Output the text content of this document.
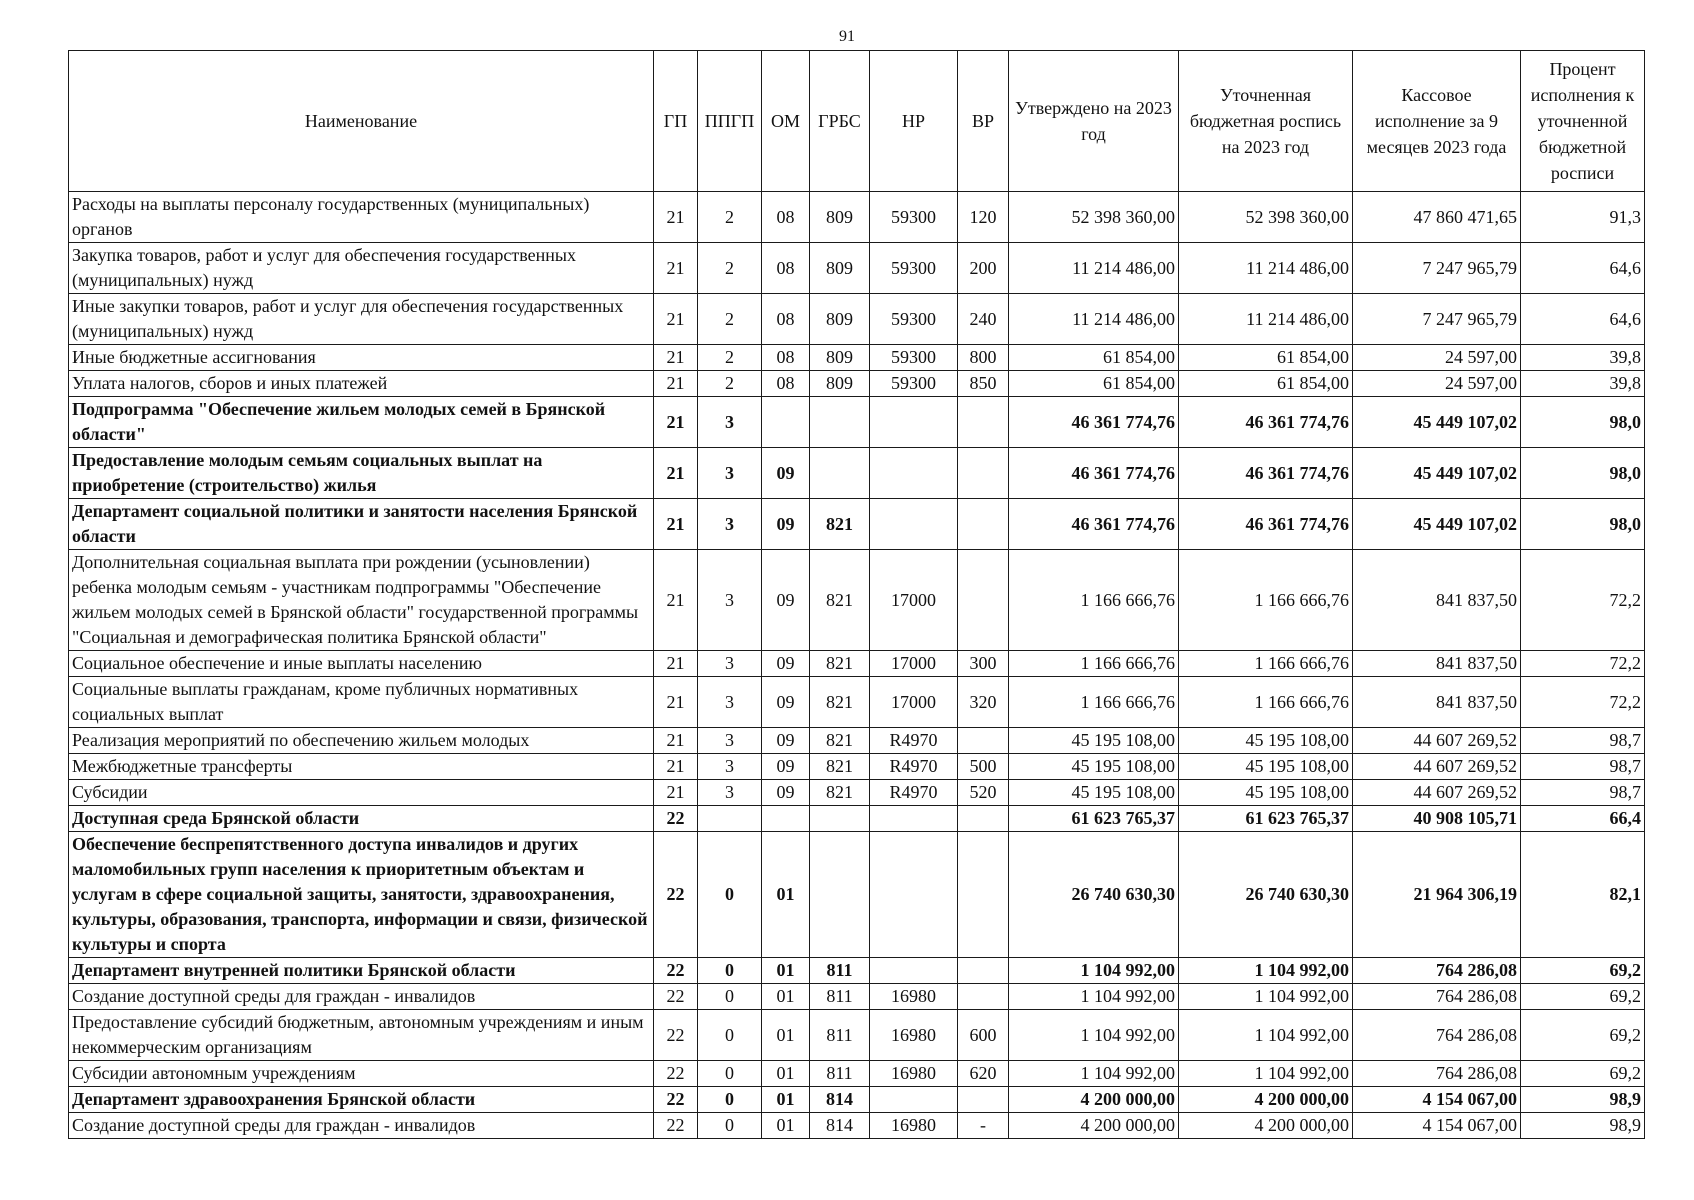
91
Наименование	ГП	ППГП	ОМ	ГРБС	НР	ВР	Утверждено на 2023 год	Уточненная бюджетная роспись на 2023 год	Кассовое исполнение за 9 месяцев 2023 года	Процент исполнения к уточненной бюджетной росписи
Расходы на выплаты персоналу государственных (муниципальных) органов	21	2	08	809	59300	120	52 398 360,00	52 398 360,00	47 860 471,65	91,3
Закупка товаров, работ и услуг для обеспечения государственных (муниципальных) нужд	21	2	08	809	59300	200	11 214 486,00	11 214 486,00	7 247 965,79	64,6
Иные закупки товаров, работ и услуг для обеспечения государственных (муниципальных) нужд	21	2	08	809	59300	240	11 214 486,00	11 214 486,00	7 247 965,79	64,6
Иные бюджетные ассигнования	21	2	08	809	59300	800	61 854,00	61 854,00	24 597,00	39,8
Уплата налогов, сборов и иных платежей	21	2	08	809	59300	850	61 854,00	61 854,00	24 597,00	39,8
Подпрограмма "Обеспечение жильем молодых семей в Брянской области"	21	3					46 361 774,76	46 361 774,76	45 449 107,02	98,0
Предоставление молодым семьям социальных выплат на приобретение (строительство) жилья	21	3	09				46 361 774,76	46 361 774,76	45 449 107,02	98,0
Департамент социальной политики и занятости населения Брянской области	21	3	09	821			46 361 774,76	46 361 774,76	45 449 107,02	98,0
Дополнительная социальная выплата при рождении (усыновлении) ребенка молодым семьям - участникам подпрограммы "Обеспечение жильем молодых семей в Брянской области" государственной программы "Социальная и демографическая политика Брянской области"	21	3	09	821	17000		1 166 666,76	1 166 666,76	841 837,50	72,2
Социальное обеспечение и иные выплаты населению	21	3	09	821	17000	300	1 166 666,76	1 166 666,76	841 837,50	72,2
Социальные выплаты гражданам, кроме публичных нормативных социальных выплат	21	3	09	821	17000	320	1 166 666,76	1 166 666,76	841 837,50	72,2
Реализация мероприятий по обеспечению жильем молодых	21	3	09	821	R4970		45 195 108,00	45 195 108,00	44 607 269,52	98,7
Межбюджетные трансферты	21	3	09	821	R4970	500	45 195 108,00	45 195 108,00	44 607 269,52	98,7
Субсидии	21	3	09	821	R4970	520	45 195 108,00	45 195 108,00	44 607 269,52	98,7
Доступная среда Брянской области	22						61 623 765,37	61 623 765,37	40 908 105,71	66,4
Обеспечение беспрепятственного доступа инвалидов и других маломобильных групп населения к приоритетным объектам и услугам в сфере социальной защиты, занятости, здравоохранения, культуры, образования, транспорта, информации и связи, физической культуры и спорта	22	0	01				26 740 630,30	26 740 630,30	21 964 306,19	82,1
Департамент внутренней политики Брянской области	22	0	01	811			1 104 992,00	1 104 992,00	764 286,08	69,2
Создание доступной среды для граждан - инвалидов	22	0	01	811	16980		1 104 992,00	1 104 992,00	764 286,08	69,2
Предоставление субсидий бюджетным, автономным учреждениям и иным некоммерческим организациям	22	0	01	811	16980	600	1 104 992,00	1 104 992,00	764 286,08	69,2
Субсидии автономным учреждениям	22	0	01	811	16980	620	1 104 992,00	1 104 992,00	764 286,08	69,2
Департамент здравоохранения Брянской области	22	0	01	814			4 200 000,00	4 200 000,00	4 154 067,00	98,9
Создание доступной среды для граждан - инвалидов	22	0	01	814	16980	-	4 200 000,00	4 200 000,00	4 154 067,00	98,9
